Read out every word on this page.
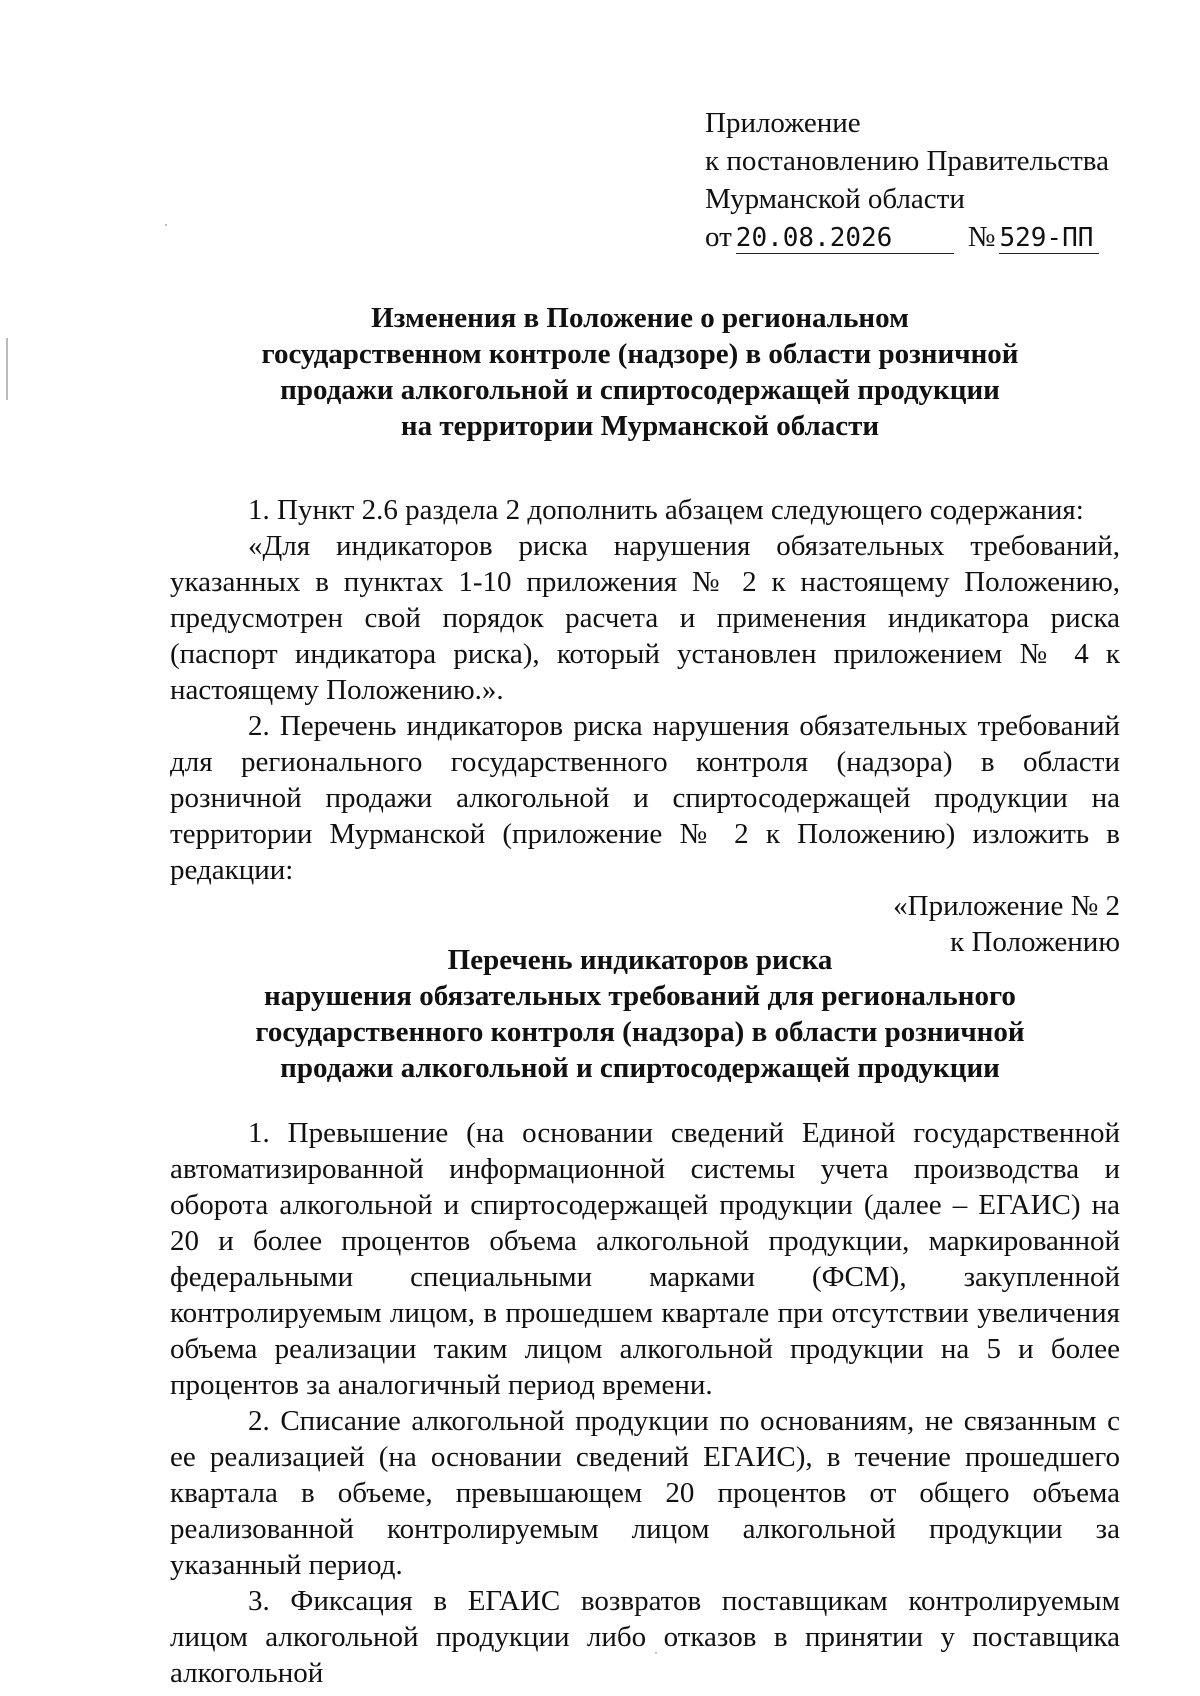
Приложение
к постановлению Правительства
Мурманской области
от 20.08.2026	№ 529-ПП
Изменения в Положение о региональном
государственном контроле (надзоре) в области розничной
продажи алкогольной и спиртосодержащей продукции
на территории Мурманской области

1. Пункт 2.6 раздела 2 дополнить абзацем следующего содержания:

«Для индикаторов риска нарушения обязательных требований, указанных в пунктах 1-10 приложения № 2 к настоящему Положению, предусмотрен свой порядок расчета и применения индикатора риска (паспорт индикатора риска), который установлен приложением № 4 к настоящему Положению.».

2. Перечень индикаторов риска нарушения обязательных требований для регионального государственного контроля (надзора) в области розничной продажи алкогольной и спиртосодержащей продукции на территории Мурманской (приложение № 2 к Положению) изложить в редакции:

«Приложение № 2

к Положению

Перечень индикаторов риска
нарушения обязательных требований для регионального
государственного контроля (надзора) в области розничной
продажи алкогольной и спиртосодержащей продукции

1. Превышение (на основании сведений Единой государственной автоматизированной информационной системы учета производства и оборота алкогольной и спиртосодержащей продукции (далее – ЕГАИС) на 20 и более процентов объема алкогольной продукции, маркированной федеральными специальными марками (ФСМ), закупленной контролируемым лицом, в прошедшем квартале при отсутствии увеличения объема реализации таким лицом алкогольной продукции на 5 и более процентов за аналогичный период времени.

2. Списание алкогольной продукции по основаниям, не связанным с ее реализацией (на основании сведений ЕГАИС), в течение прошедшего квартала в объеме, превышающем 20 процентов от общего объема реализованной контролируемым лицом алкогольной продукции за указанный период.

3. Фиксация в ЕГАИС возвратов поставщикам контролируемым лицом алкогольной продукции либо отказов в принятии у поставщика алкогольной
